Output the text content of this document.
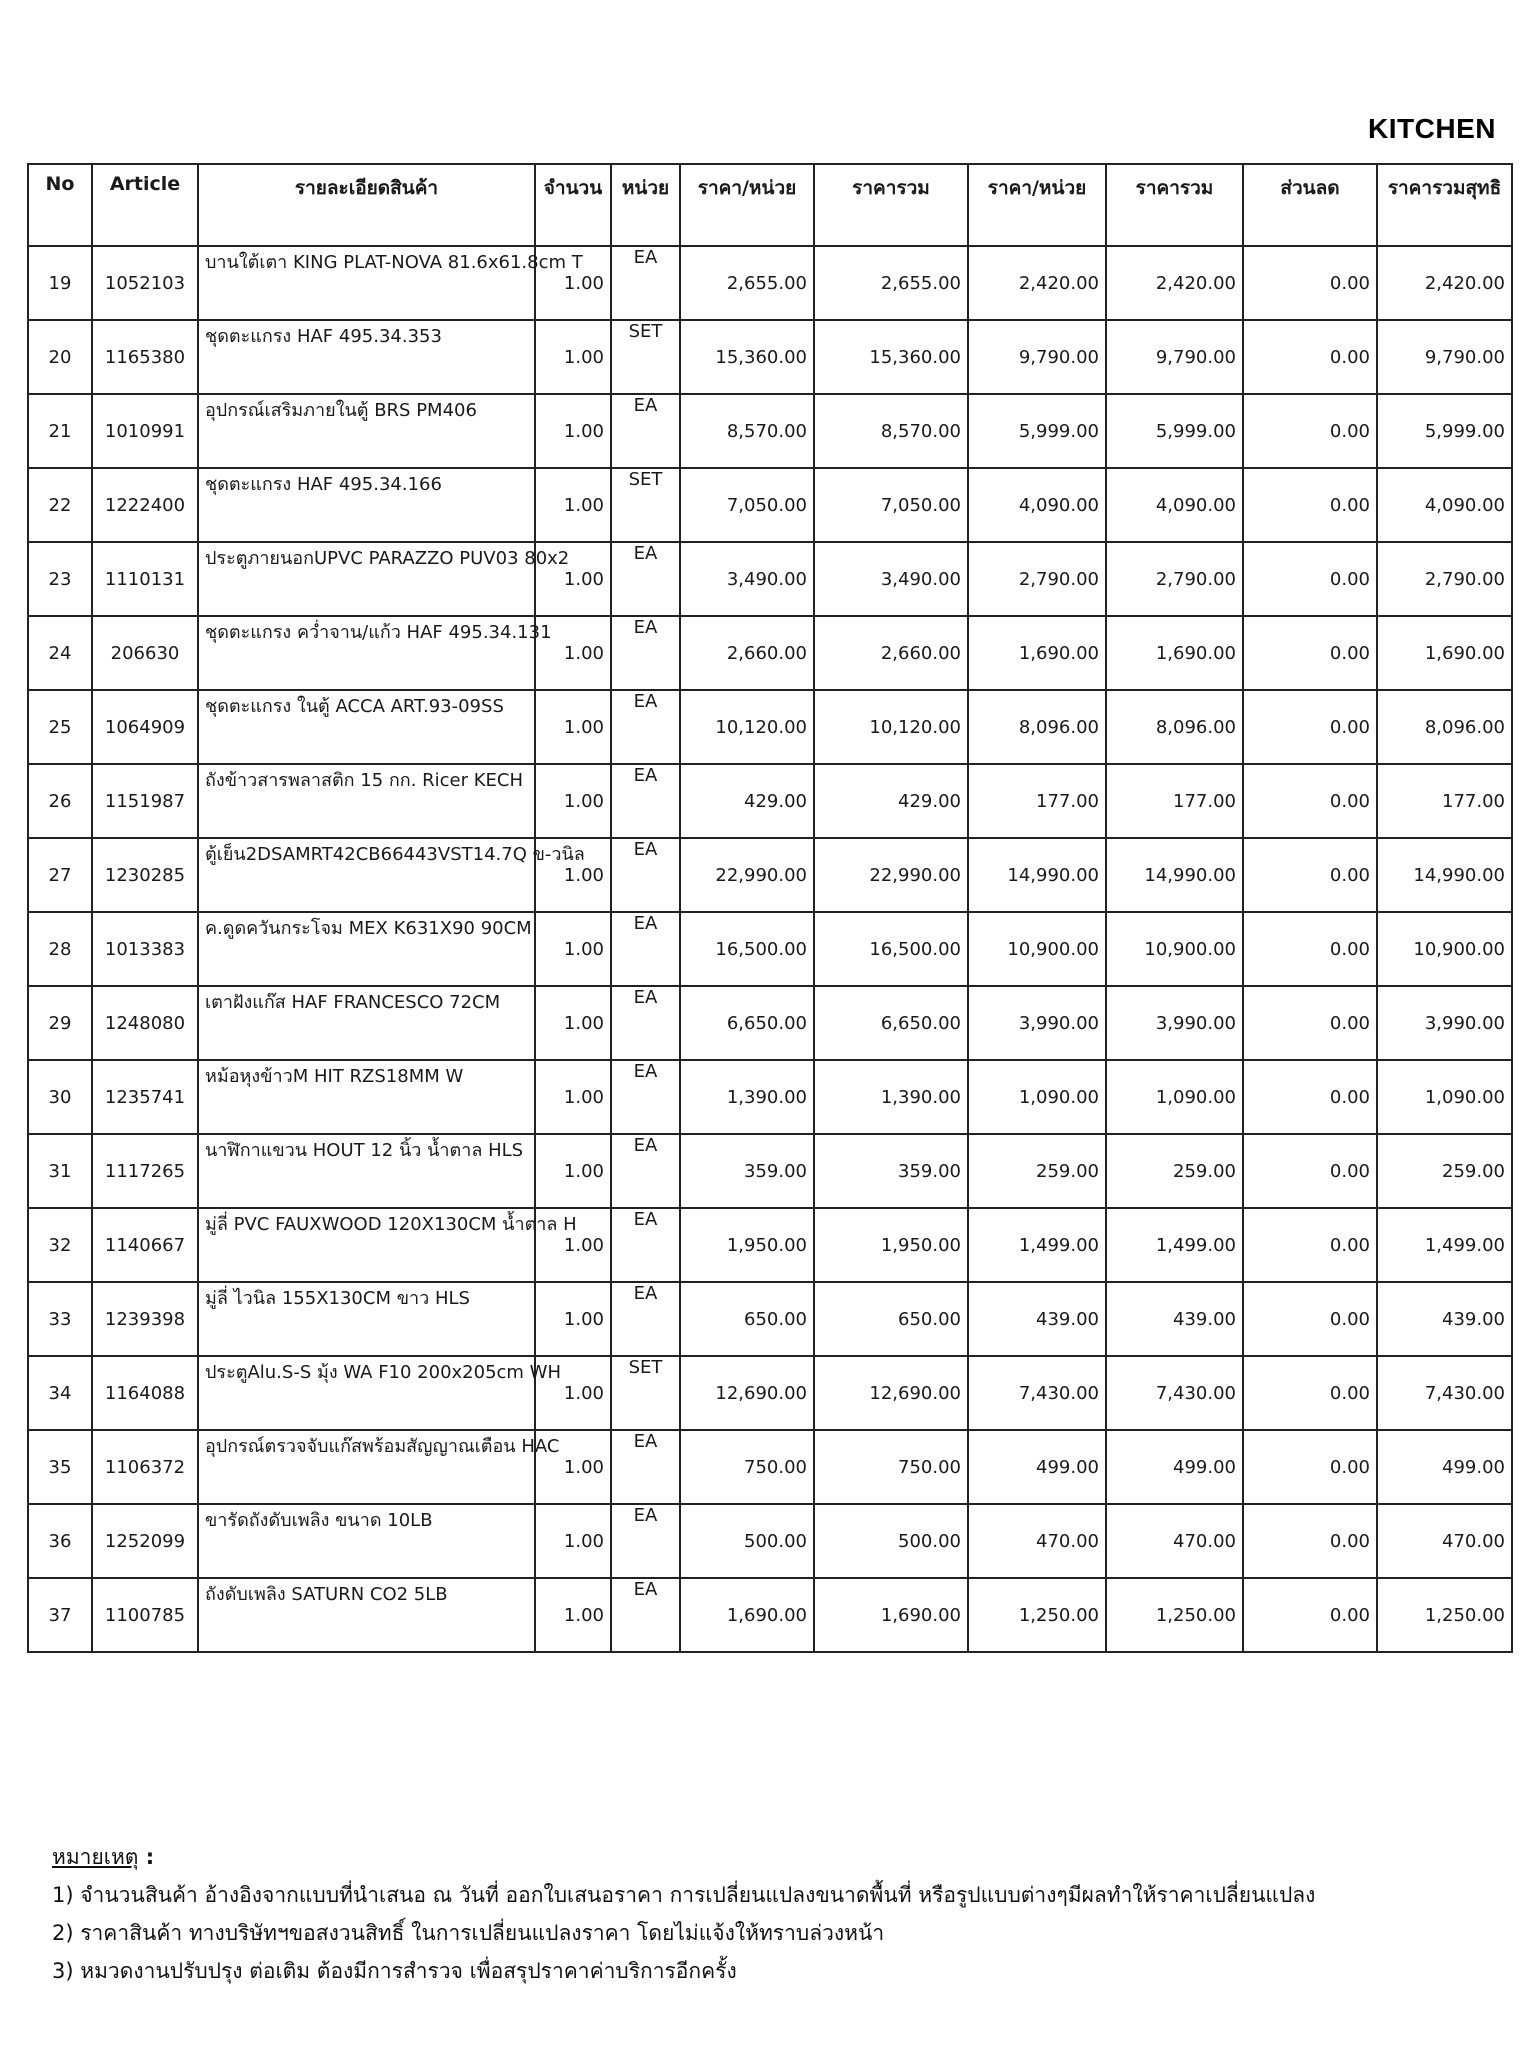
KITCHEN
No	Article	รายละเอียดสินค้า	จำนวน	หน่วย	ราคา/หน่วย	ราคารวม	ราคา/หน่วย	ราคารวม	ส่วนลด	ราคารวมสุทธิ
19	1052103	บานใต้เตา KING PLAT-NOVA 81.6x61.8cm T	1.00	EA	2,655.00	2,655.00	2,420.00	2,420.00	0.00	2,420.00
20	1165380	ชุดตะแกรง HAF 495.34.353	1.00	SET	15,360.00	15,360.00	9,790.00	9,790.00	0.00	9,790.00
21	1010991	อุปกรณ์เสริมภายในตู้ BRS PM406	1.00	EA	8,570.00	8,570.00	5,999.00	5,999.00	0.00	5,999.00
22	1222400	ชุดตะแกรง HAF 495.34.166	1.00	SET	7,050.00	7,050.00	4,090.00	4,090.00	0.00	4,090.00
23	1110131	ประตูภายนอกUPVC PARAZZO PUV03 80x2	1.00	EA	3,490.00	3,490.00	2,790.00	2,790.00	0.00	2,790.00
24	206630	ชุดตะแกรง คว่ำจาน/แก้ว HAF 495.34.131	1.00	EA	2,660.00	2,660.00	1,690.00	1,690.00	0.00	1,690.00
25	1064909	ชุดตะแกรง ในตู้ ACCA ART.93-09SS	1.00	EA	10,120.00	10,120.00	8,096.00	8,096.00	0.00	8,096.00
26	1151987	ถังข้าวสารพลาสติก 15 กก. Ricer KECH	1.00	EA	429.00	429.00	177.00	177.00	0.00	177.00
27	1230285	ตู้เย็น2DSAMRT42CB66443VST14.7Q ข-วนิล	1.00	EA	22,990.00	22,990.00	14,990.00	14,990.00	0.00	14,990.00
28	1013383	ค.ดูดควันกระโจม MEX K631X90 90CM	1.00	EA	16,500.00	16,500.00	10,900.00	10,900.00	0.00	10,900.00
29	1248080	เตาฝังแก๊ส HAF FRANCESCO 72CM	1.00	EA	6,650.00	6,650.00	3,990.00	3,990.00	0.00	3,990.00
30	1235741	หม้อหุงข้าวM HIT RZS18MM W	1.00	EA	1,390.00	1,390.00	1,090.00	1,090.00	0.00	1,090.00
31	1117265	นาฬิกาแขวน HOUT 12 นิ้ว น้ำตาล HLS	1.00	EA	359.00	359.00	259.00	259.00	0.00	259.00
32	1140667	มู่ลี่ PVC FAUXWOOD 120X130CM น้ำตาล H	1.00	EA	1,950.00	1,950.00	1,499.00	1,499.00	0.00	1,499.00
33	1239398	มู่ลี่ ไวนิล 155X130CM ขาว HLS	1.00	EA	650.00	650.00	439.00	439.00	0.00	439.00
34	1164088	ประตูAlu.S-S มุ้ง WA F10 200x205cm WH	1.00	SET	12,690.00	12,690.00	7,430.00	7,430.00	0.00	7,430.00
35	1106372	อุปกรณ์ตรวจจับแก๊สพร้อมสัญญาณเตือน HAC	1.00	EA	750.00	750.00	499.00	499.00	0.00	499.00
36	1252099	ขารัดถังดับเพลิง ขนาด 10LB	1.00	EA	500.00	500.00	470.00	470.00	0.00	470.00
37	1100785	ถังดับเพลิง SATURN CO2 5LB	1.00	EA	1,690.00	1,690.00	1,250.00	1,250.00	0.00	1,250.00
หมายเหตุ :
1) จำนวนสินค้า อ้างอิงจากแบบที่นำเสนอ ณ วันที่ ออกใบเสนอราคา การเปลี่ยนแปลงขนาดพื้นที่ หรือรูปแบบต่างๆมีผลทำให้ราคาเปลี่ยนแปลง
2) ราคาสินค้า ทางบริษัทฯขอสงวนสิทธิ์ ในการเปลี่ยนแปลงราคา โดยไม่แจ้งให้ทราบล่วงหน้า
3) หมวดงานปรับปรุง ต่อเติม ต้องมีการสำรวจ เพื่อสรุปราคาค่าบริการอีกครั้ง
